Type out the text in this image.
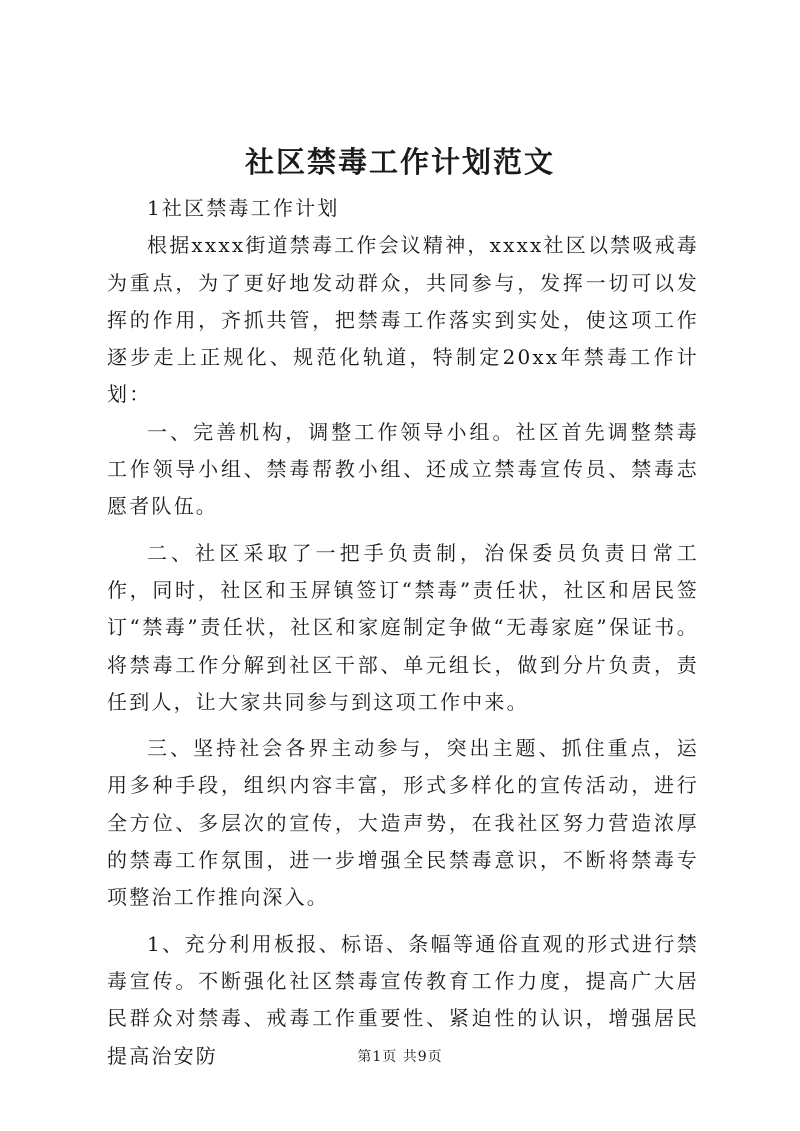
社区禁毒工作计划范文

1社区禁毒工作计划

根据xxxx街道禁毒工作会议精神，xxxx社区以禁吸戒毒为重点，为了更好地发动群众，共同参与，发挥一切可以发挥的作用，齐抓共管，把禁毒工作落实到实处，使这项工作逐步走上正规化、规范化轨道，特制定20xx年禁毒工作计划：

一、完善机构，调整工作领导小组。社区首先调整禁毒工作领导小组、禁毒帮教小组、还成立禁毒宣传员、禁毒志愿者队伍。

二、社区采取了一把手负责制，治保委员负责日常工作，同时，社区和玉屏镇签订“禁毒”责任状，社区和居民签订“禁毒”责任状，社区和家庭制定争做“无毒家庭”保证书。将禁毒工作分解到社区干部、单元组长，做到分片负责，责任到人，让大家共同参与到这项工作中来。

三、坚持社会各界主动参与，突出主题、抓住重点，运用多种手段，组织内容丰富，形式多样化的宣传活动，进行全方位、多层次的宣传，大造声势，在我社区努力营造浓厚的禁毒工作氛围，进一步增强全民禁毒意识，不断将禁毒专项整治工作推向深入。

1、充分利用板报、标语、条幅等通俗直观的形式进行禁毒宣传。不断强化社区禁毒宣传教育工作力度，提高广大居民群众对禁毒、戒毒工作重要性、紧迫性的认识，增强居民提高治安防	第1页 共9页
